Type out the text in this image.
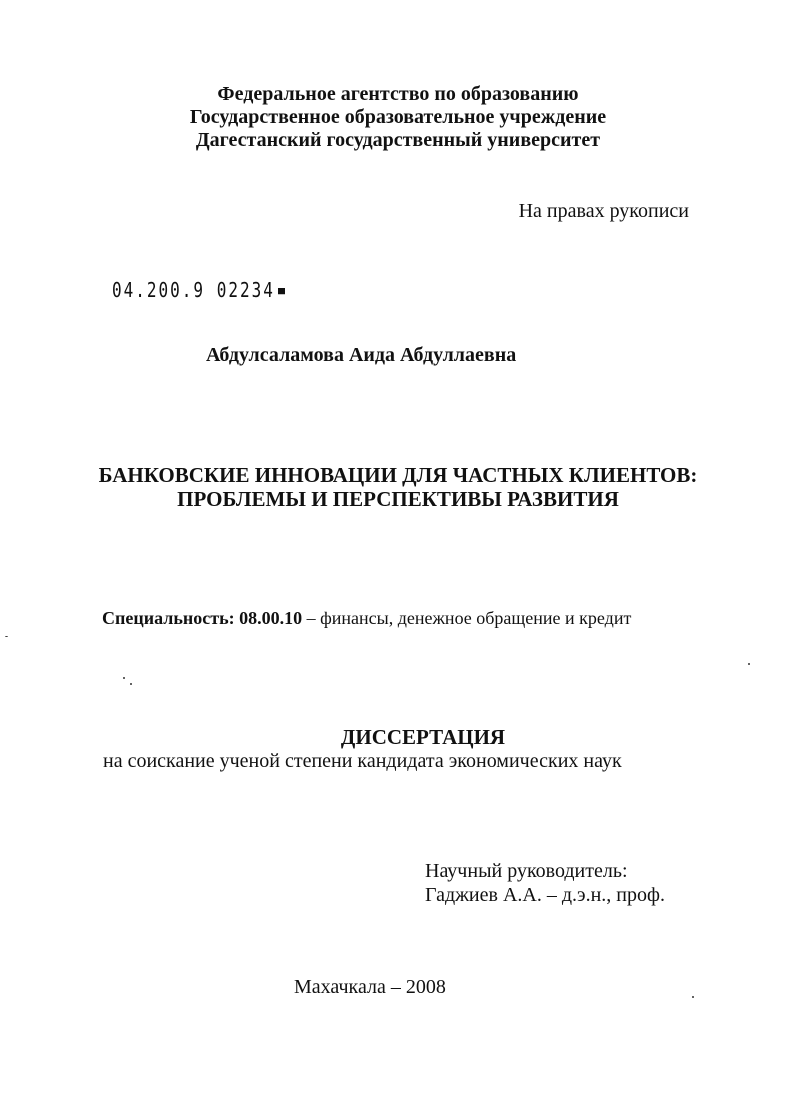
Федеральное агентство по образованию
Государственное образовательное учреждение
Дагестанский государственный университет
На правах рукописи
04.200.9 02234
Абдулсаламова Аида Абдуллаевна
БАНКОВСКИЕ ИННОВАЦИИ ДЛЯ ЧАСТНЫХ КЛИЕНТОВ:
ПРОБЛЕМЫ И ПЕРСПЕКТИВЫ РАЗВИТИЯ
Специальность: 08.00.10 – финансы, денежное обращение и кредит
ДИССЕРТАЦИЯ
на соискание ученой степени кандидата экономических наук
Научный руководитель:
Гаджиев А.А. – д.э.н., проф.
Махачкала – 2008
